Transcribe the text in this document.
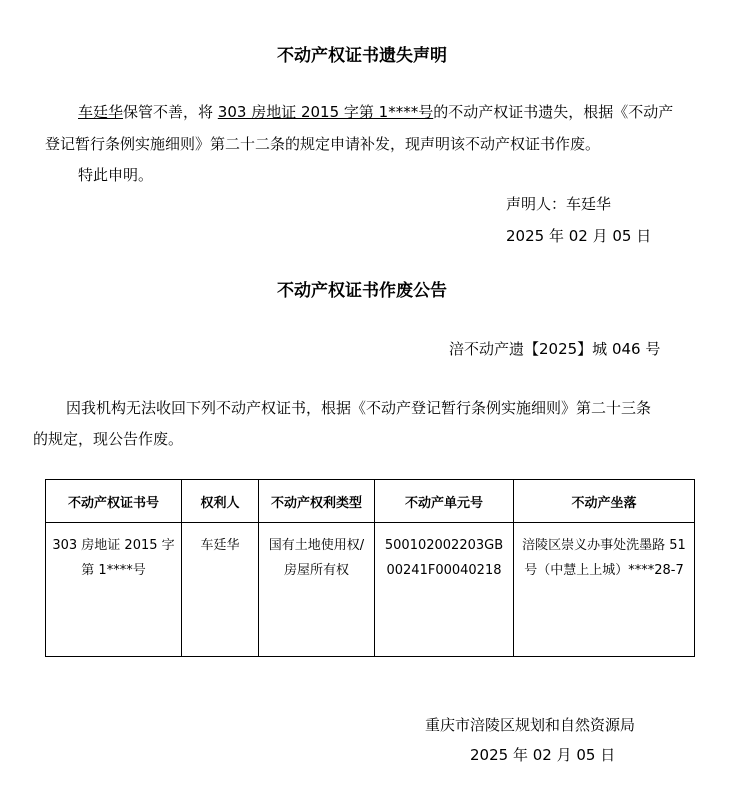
不动产权证书遗失声明
车廷华保管不善，将 303 房地证 2015 字第 1****号的不动产权证书遗失，根据《不动产
登记暂行条例实施细则》第二十二条的规定申请补发，现声明该不动产权证书作废。
特此申明。
声明人：车廷华
2025 年 02 月 05 日
不动产权证书作废公告
涪不动产遗【2025】城 046 号
因我机构无法收回下列不动产权证书，根据《不动产登记暂行条例实施细则》第二十三条
的规定，现公告作废。
不动产权证书号	权利人	不动产权利类型	不动产单元号	不动产坐落
303 房地证 2015 字第 1****号	车廷华	国有土地使用权/房屋所有权	500102002203GB00241F00040218	涪陵区崇义办事处洗墨路 51 号（中慧上上城）****28-7
重庆市涪陵区规划和自然资源局
2025 年 02 月 05 日
